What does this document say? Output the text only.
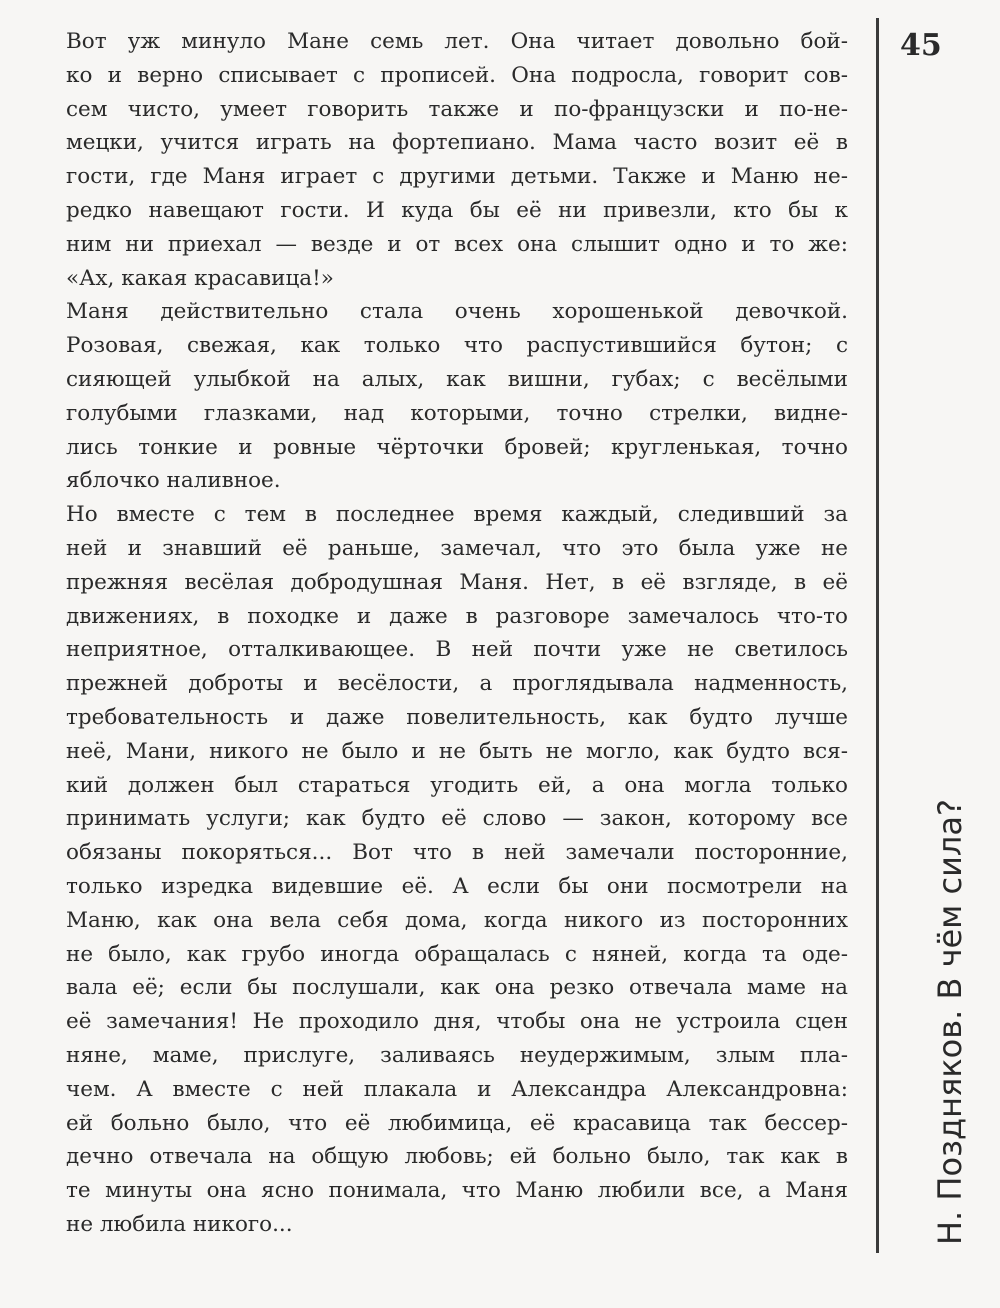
Вот уж минуло Мане семь лет. Она читает довольно бой-
ко и верно списывает с прописей. Она подросла, говорит сов-
сем чисто, умеет говорить также и по-французски и по-не-
мецки, учится играть на фортепиано. Мама часто возит её в
гости, где Маня играет с другими детьми. Также и Маню не-
редко навещают гости. И куда бы её ни привезли, кто бы к
ним ни приехал — везде и от всех она слышит одно и то же:
«Ах, какая красавица!»

Маня действительно стала очень хорошенькой девочкой.
Розовая, свежая, как только что распустившийся бутон; с
сияющей улыбкой на алых, как вишни, губах; с весёлыми
голубыми глазками, над которыми, точно стрелки, видне-
лись тонкие и ровные чёрточки бровей; кругленькая, точно
яблочко наливное.

Но вместе с тем в последнее время каждый, следивший за
ней и знавший её раньше, замечал, что это была уже не
прежняя весёлая добродушная Маня. Нет, в её взгляде, в её
движениях, в походке и даже в разговоре замечалось что-то
неприятное, отталкивающее. В ней почти уже не светилось
прежней доброты и весёлости, а проглядывала надменность,
требовательность и даже повелительность, как будто лучше
неё, Мани, никого не было и не быть не могло, как будто вся-
кий должен был стараться угодить ей, а она могла только
принимать услуги; как будто её слово — закон, которому все
обязаны покоряться... Вот что в ней замечали посторонние,
только изредка видевшие её. А если бы они посмотрели на
Маню, как она вела себя дома, когда никого из посторонних
не было, как грубо иногда обращалась с няней, когда та оде-
вала её; если бы послушали, как она резко отвечала маме на
её замечания! Не проходило дня, чтобы она не устроила сцен
няне, маме, прислуге, заливаясь неудержимым, злым пла-
чем. А вместе с ней плакала и Александра Александровна:
ей больно было, что её любимица, её красавица так бессер-
дечно отвечала на общую любовь; ей больно было, так как в
те минуты она ясно понимала, что Маню любили все, а Маня
не любила никого...

45
Н. Поздняков. В чём сила?
